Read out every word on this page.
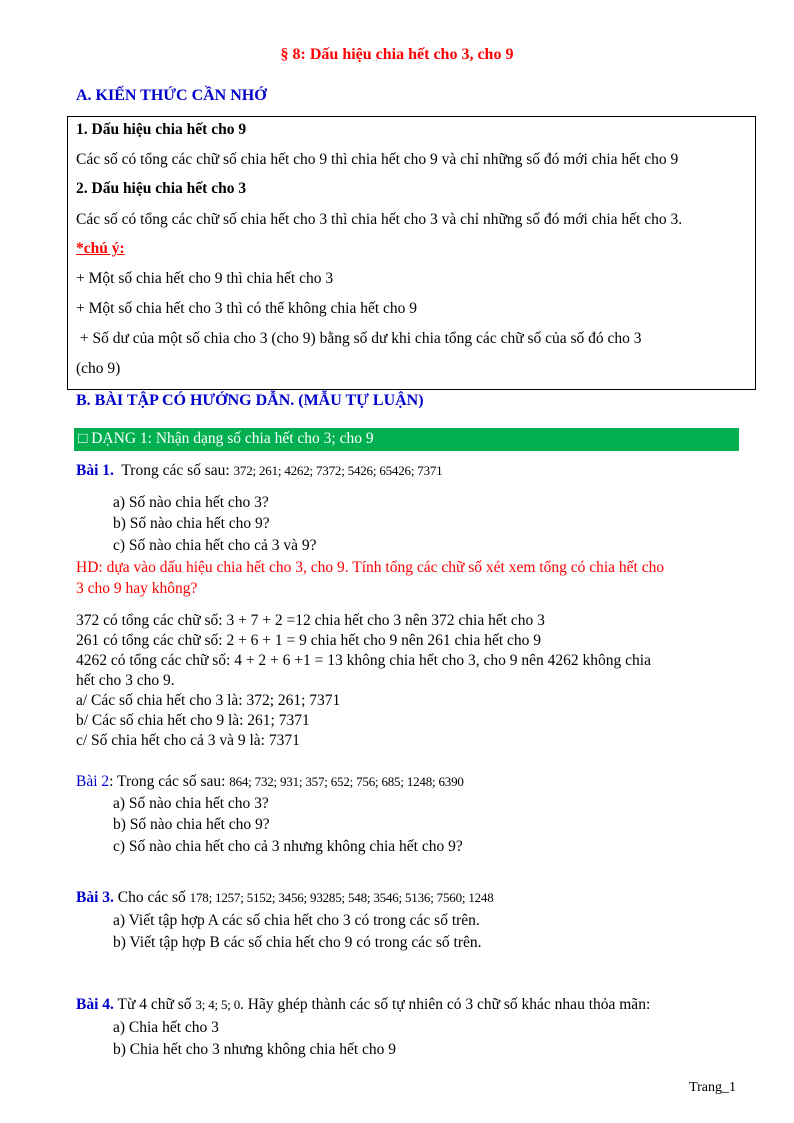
§ 8: Dấu hiệu chia hết cho 3, cho 9
A. KIẾN THỨC CẦN NHỚ
1. Dấu hiệu chia hết cho 9
Các số có tổng các chữ số chia hết cho 9 thì chia hết cho 9 và chỉ những số đó mới chia hết cho 9
2. Dấu hiệu chia hết cho 3
Các số có tổng các chữ số chia hết cho 3 thì chia hết cho 3 và chỉ những số đó mới chia hết cho 3.
*chú ý:
+ Một số chia hết cho 9 thì chia hết cho 3
+ Một số chia hết cho 3 thì có thể không chia hết cho 9
+ Số dư của một số chia cho 3 (cho 9) bằng số dư khi chia tổng các chữ số của số đó cho 3
(cho 9)
B. BÀI TẬP CÓ HƯỚNG DẪN. (MẪU TỰ LUẬN)
□ DẠNG 1: Nhận dạng số chia hết cho 3; cho 9
Bài 1.  Trong các số sau: 372; 261; 4262; 7372; 5426; 65426; 7371
a) Số nào chia hết cho 3?
b) Số nào chia hết cho 9?
c) Số nào chia hết cho cả 3 và 9?
HD: dựa vào dấu hiệu chia hết cho 3, cho 9. Tính tổng các chữ số xét xem tổng có chia hết cho
3 cho 9 hay không?
372 có tổng các chữ số: 3 + 7 + 2 =12 chia hết cho 3 nên 372 chia hết cho 3
261 có tổng các chữ số: 2 + 6 + 1 = 9 chia hết cho 9 nên 261 chia hết cho 9
4262 có tổng các chữ số: 4 + 2 + 6 +1 = 13 không chia hết cho 3, cho 9 nên 4262 không chia
hết cho 3 cho 9.
a/ Các số chia hết cho 3 là: 372; 261; 7371
b/ Các số chia hết cho 9 là: 261; 7371
c/ Số chia hết cho cả 3 và 9 là: 7371
Bài 2: Trong các số sau: 864; 732; 931; 357; 652; 756; 685; 1248; 6390
a) Số nào chia hết cho 3?
b) Số nào chia hết cho 9?
c) Số nào chia hết cho cả 3 nhưng không chia hết cho 9?
Bài 3. Cho các số 178; 1257; 5152; 3456; 93285; 548; 3546; 5136; 7560; 1248
a) Viết tập hợp A các số chia hết cho 3 có trong các số trên.
b) Viết tập hợp B các số chia hết cho 9 có trong các số trên.
Bài 4. Từ 4 chữ số 3; 4; 5; 0. Hãy ghép thành các số tự nhiên có 3 chữ số khác nhau thỏa mãn:
a) Chia hết cho 3
b) Chia hết cho 3 nhưng không chia hết cho 9
Trang_1
